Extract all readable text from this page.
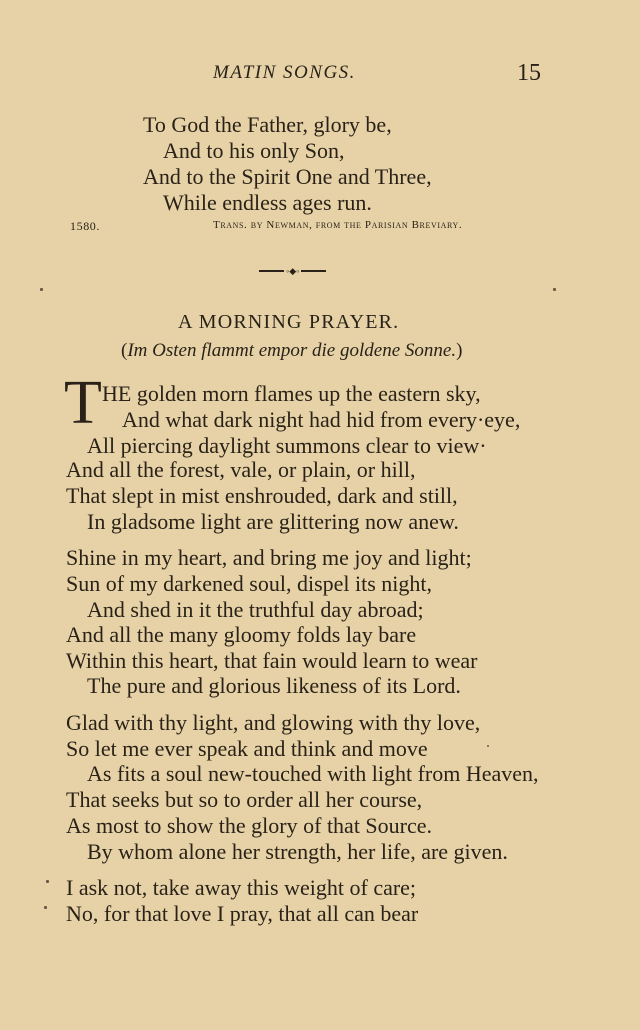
MATIN SONGS.	15
To God the Father, glory be,
And to his only Son,
And to the Spirit One and Three,
While endless ages run.
1580.	Trans. by Newman, from the Parisian Breviary.
◦◆◦
A MORNING PRAYER.
(Im Osten flammt empor die goldene Sonne.)
T HE golden morn flames up the eastern sky,
And what dark night had hid from every·eye,
All piercing daylight summons clear to view·
And all the forest, vale, or plain, or hill,
That slept in mist enshrouded, dark and still,
In gladsome light are glittering now anew.
Shine in my heart, and bring me joy and light;
Sun of my darkened soul, dispel its night,
And shed in it the truthful day abroad;
And all the many gloomy folds lay bare
Within this heart, that fain would learn to wear
The pure and glorious likeness of its Lord.
Glad with thy light, and glowing with thy love,
So let me ever speak and think and move
As fits a soul new-touched with light from Heaven,
That seeks but so to order all her course,
As most to show the glory of that Source.
By whom alone her strength, her life, are given.
I ask not, take away this weight of care;
No, for that love I pray, that all can bear
